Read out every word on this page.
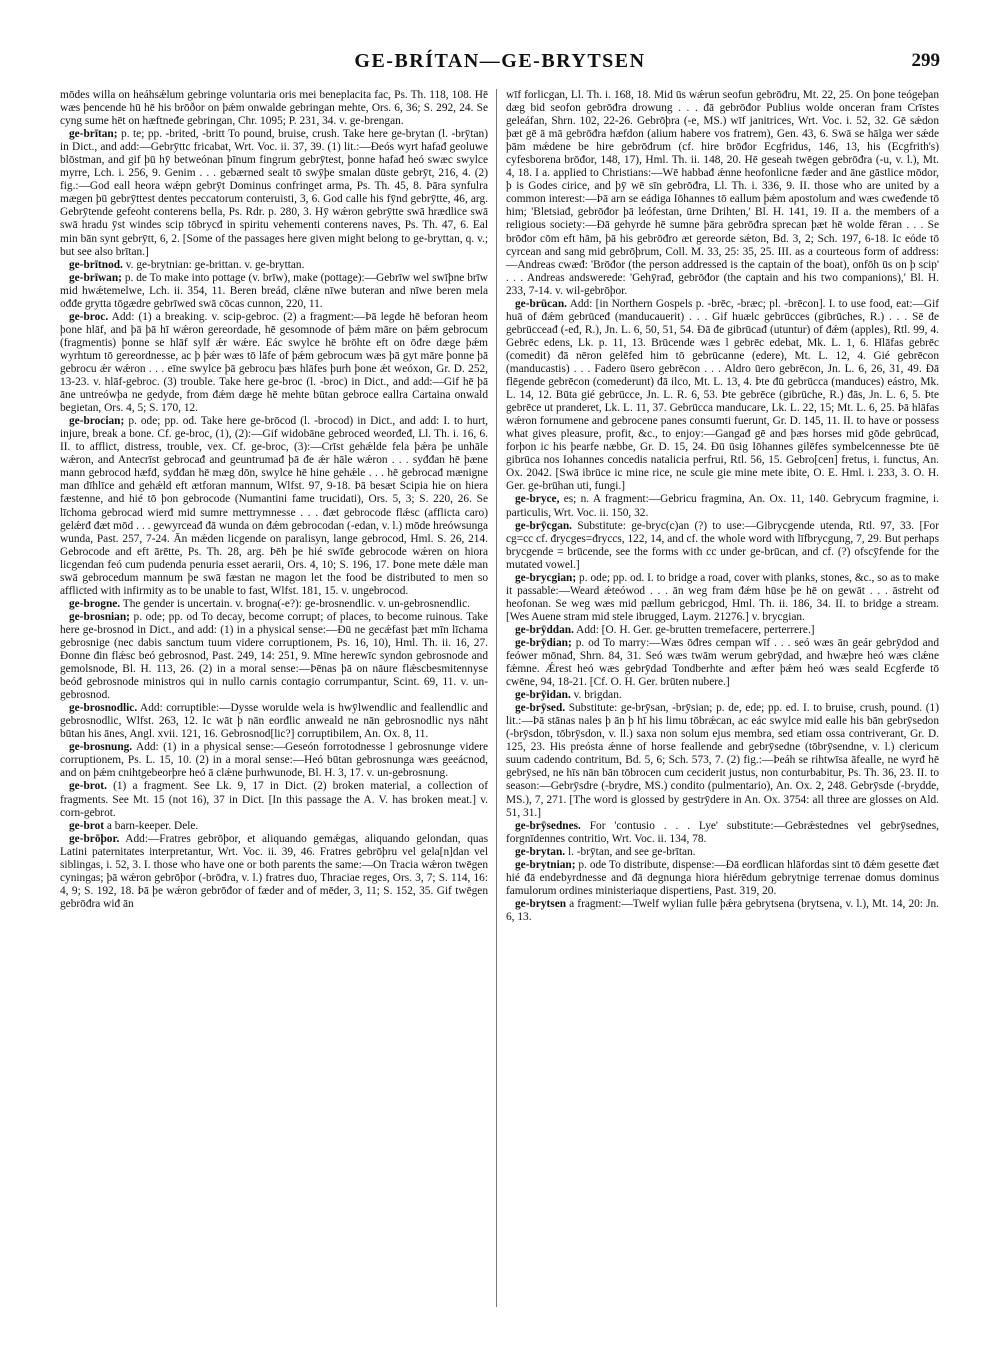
GE-BRÍTAN—GE-BRYTSEN	299

mōdes willa on heáhsǽlum gebringe voluntaria oris mei beneplacita fac, Ps. Th. 118, 108. Hē wæs þencende hū hē his brōðor on þǽm onwalde gebringan mehte, Ors. 6, 36; S. 292, 24. Se cyng sume hēt on hæftneđe gebringan, Chr. 1095; P. 231, 34. v. ge-brengan.

ge-brītan; p. te; pp. -brited, -britt To pound, bruise, crush. Take here ge-brytan (l. -brȳtan) in Dict., and add:—Gebrȳttc fricabat, Wrt. Voc. ii. 37, 39. (1) lit.:—Đeós wyrt hafađ geoluwe blōstman, and gif þū hȳ betweónan þīnum fingrum gebrȳtest, þonne hafađ heó swæc swylce myrre, Lch. i. 256, 9. Genim . . . gebærned sealt tō swȳþe smalan dūste gebrȳt, 216, 4. (2) fig.:—God eall heora wǽpn gebrȳt Dominus confringet arma, Ps. Th. 45, 8. Þāra synfulra mægen þū gebrȳttest dentes peccatorum conteruisti, 3, 6. God calle his fȳnd gebrȳtte, 46, arg. Gebrȳtende gefeoht conterens bella, Ps. Rdr. p. 280, 3. Hȳ wǽron gebrȳtte swā hrædlice swā swā hradu ȳst windes scip tōbrycđ in spiritu vehementi conterens naves, Ps. Th. 47, 6. Eal min bān synt gebrȳtt, 6, 2. [Some of the passages here given might belong to ge-bryttan, q. v.; but see also brītan.]

ge-brītnod. v. ge-brytnian: ge-brittan. v. ge-bryttan.

ge-brīwan; p. de To make into pottage (v. brīw), make (pottage):—Gebrīw wel swīþne brīw mid hwǽtemelwe, Lch. ii. 354, 11. Beren breád, clǽne nīwe buteran and nīwe beren mela ođđe grytta tōgædre gebrīwed swā cōcas cunnon, 220, 11.

ge-broc. Add: (1) a breaking. v. scip-gebroc. (2) a fragment:—Þā legde hē beforan heom þone hlāf, and þā þā hī wǽron gereordade, hē gesomnode of þǽm māre on þǽm gebrocum (fragmentis) þonne se hlāf sylf ǽr wǽre. Eác swylce hē brōhte eft on ōđre dæge þǽm wyrhtum tō gereordnesse, ac þ þǽr wæs tō lāfe of þǽm gebrocum wæs þā gyt māre þonne þā gebrocu ǽr wǽron . . . eīne swylce þā gebrocu þæs hlāfes þurh þone ǽt weóxon, Gr. D. 252, 13-23. v. hlāf-gebroc. (3) trouble. Take here ge-broc (l. -broc) in Dict., and add:—Gif hē þā āne untreówþa ne gedyde, from đǽm dæge hē mehte būtan gebroce eallra Cartaina onwald begietan, Ors. 4, 5; S. 170, 12.

ge-brocian; p. ode; pp. od. Take here ge-brōcod (l. -brocod) in Dict., and add: I. to hurt, injure, break a bone. Cf. ge-broc, (1), (2):—Gif widobāne gebroced weorđeđ, Ll. Th. i. 16, 6. II. to afflict, distress, trouble, vex. Cf. ge-broc, (3):—Crīst gehǽlde fela þǽra þe unhāle wǽron, and Antecrīst gebrocađ and geuntrumađ þā đe ǽr hāle wǽron . . . syđđan hē þæne mann gebrocod hæfđ, syđđan hē mæg dōn, swylce hē hine gehǽle . . . hē gebrocađ mænigne man dīhlīce and gehǽld eft ætforan mannum, Wlfst. 97, 9-18. Þā besæt Scipia hie on hiera fæstenne, and hié tō þon gebrocode (Numantini fame trucidati), Ors. 5, 3; S. 220, 26. Se līchoma gebrocad wierđ mid sumre mettrymnesse . . . đæt gebrocode flǽsc (afflicta caro) gelǽrđ đæt mōd . . . gewyrceađ đā wunda on đǽm gebrocodan (-edan, v. l.) mōde hreówsunga wunda, Past. 257, 7-24. Ān mǽden licgende on paralisyn, lange gebrocod, Hml. S. 26, 214. Gebrocode and eft ārētte, Ps. Th. 28, arg. Þēh þe hié swīđe gebrocode wǽren on hiora licgendan feó cum pudenda penuria esset aerarii, Ors. 4, 10; S. 196, 17. Þone mete dǽle man swā gebrocedum mannum þe swā fæstan ne magon let the food be distributed to men so afflicted with infirmity as to be unable to fast, Wlfst. 181, 15. v. ungebrocod.

ge-brogne. The gender is uncertain. v. brogna(-e?): ge-brosnendlic. v. un-gebrosnendlic.

ge-brosnian; p. ode; pp. od To decay, become corrupt; of places, to become ruinous. Take here ge-brosnod in Dict., and add: (1) in a physical sense:—Đū ne gecǽfast þæt mīn līchama gebrosnige (nec dabis sanctum tuum videre corruptionem, Ps. 16, 10), Hml. Th. ii. 16, 27. Đonne đin flǽsc beó gebrosnod, Past. 249, 14: 251, 9. Mīne herewīc syndon gebrosnode and gemolsnode, Bl. H. 113, 26. (2) in a moral sense:—Þēnas þā on nāure flǽscbesmitennyse beóđ gebrosnode ministros qui in nullo carnis contagio corrumpantur, Scint. 69, 11. v. un-gebrosnod.

ge-brosnodlic. Add: corruptible:—Dysse worulde wela is hwȳlwendlic and feallendlic and gebrosnodlic, Wlfst. 263, 12. Ic wāt þ nān eorđlic anweald ne nān gebrosnodlic nys nāht būtan his ānes, Angl. xvii. 121, 16. Gebrosnod[lic?] corruptibilem, An. Ox. 8, 11.

ge-brosnung. Add: (1) in a physical sense:—Geseón forrotodnesse l gebrosnunge videre corruptionem, Ps. L. 15, 10. (2) in a moral sense:—Heó būtan gebrosnunga wæs geeácnod, and on þǽm cnihtgebeorþre heó ā clǽne þurhwunode, Bl. H. 3, 17. v. un-gebrosnung.

ge-brot. (1) a fragment. See Lk. 9, 17 in Dict. (2) broken material, a collection of fragments. See Mt. 15 (not 16), 37 in Dict. [In this passage the A. V. has broken meat.] v. corn-gebrot.

ge-brot a barn-keeper. Dele.

ge-brōþor. Add:—Fratres gebrōþor, et aliquando gemǽgas, aliquando gelondan, quas Latini paternitates interpretantur, Wrt. Voc. ii. 39, 46. Fratres gebrōþru vel gela[n]dan vel siblingas, i. 52, 3. I. those who have one or both parents the same:—On Tracia wǽron twēgen cyningas; þā wǽron gebrōþor (-brōđra, v. l.) fratres duo, Thraciae reges, Ors. 3, 7; S. 114, 16: 4, 9; S. 192, 18. Þā þe wǽron gebrōđor of fæder and of mēder, 3, 11; S. 152, 35. Gif twēgen gebrōđra wiđ ān

wīf forlicgan, Ll. Th. i. 168, 18. Mid ūs wǽrun seofun gebrōđru, Mt. 22, 25. On þone teógeþan dæg bid seofon gebrōđra drowung . . . đā gebrōđor Publius wolde onceran fram Crīstes geleáfan, Shrn. 102, 22-26. Gebrōþra (-e, MS.) wīf janitrices, Wrt. Voc. i. 52, 32. Gē sǽdon þæt gē ā mā gebrōđra hæfdon (alium habere vos fratrem), Gen. 43, 6. Swā se hālga wer sǽde þām mǽdene be hire gebrōđrum (cf. hire brōđor Ecgfridus, 146, 13, his (Ecgfrith's) cyfesborena brōđor, 148, 17), Hml. Th. ii. 148, 20. Hē geseah twēgen gebrōđra (-u, v. l.), Mt. 4, 18. I a. applied to Christians:—Wē habbađ ǽnne heofonlicne fæder and āne gāstlice mōdor, þ is Godes cirice, and þȳ wē sīn gebrōđra, Ll. Th. i. 336, 9. II. those who are united by a common interest:—Þā arn se eádiga Iōhannes tō eallum þǽm apostolum and wæs cweđende tō him; 'Bletsiađ, gebrōđor þā leófestan, ūrne Drihten,' Bl. H. 141, 19. II a. the members of a religious society:—Đā gehyrde hē sumne þāra gebrōđra sprecan þæt hē wolde fēran . . . Se brōđor cōm eft hām, þā his gebrōđro æt gereorde sǽton, Bd. 3, 2; Sch. 197, 6-18. Ic eóde tō cyrcean and sang mid gebrōþrum, Coll. M. 33, 25: 35, 25. III. as a courteous form of address:—Andreas cwæđ: 'Brōđor (the person addressed is the captain of the boat), onfōh ūs on þ scip' . . . Andreas andswerede: 'Gehȳrađ, gebrōđor (the captain and his two companions),' Bl. H. 233, 7-14. v. wil-gebrōþor.

ge-brūcan. Add: [in Northern Gospels p. -brēc, -bræc; pl. -brēcon]. I. to use food, eat:—Gif huā of đǽm gebrūceđ (manducauerit) . . . Gif huælc gebrūcces (gibrūches, R.) . . . Sē đe gebrūcceađ (-eđ, R.), Jn. L. 6, 50, 51, 54. Đā đe gibrūcađ (utuntur) of đǽm (apples), Rtl. 99, 4. Gebrēc edens, Lk. p. 11, 13. Brūcende wæs l gebrēc edebat, Mk. L. 1, 6. Hlāfas gebrēc (comedit) đā nēron gelēfed him tō gebrūcanne (edere), Mt. L. 12, 4. Gié gebrēcon (manducastis) . . . Fadero ūsero gebrēcon . . . Aldro ūero gebrēcon, Jn. L. 6, 26, 31, 49. Đā flēgende gebrēcon (comederunt) đā ilco, Mt. L. 13, 4. Þte đū gebrūcca (manduces) eástro, Mk. L. 14, 12. Būta gié gebrūcce, Jn. L. R. 6, 53. Þte gebrēce (gibrūche, R.) đās, Jn. L. 6, 5. Þte gebrēce ut pranderet, Lk. L. 11, 37. Gebrūcca manducare, Lk. L. 22, 15; Mt. L. 6, 25. Þā hlāfas wǽron fornumene and gebrocene panes consumti fuerunt, Gr. D. 145, 11. II. to have or possess what gives pleasure, profit, &c., to enjoy:—Gangađ gē and þæs horses mid gōde gebrūcađ, forþon ic his þearfe næbbe, Gr. D. 15, 24. Đū ūsig Iōhannes gilēfes symbelcennesse Þte ūē gibrūca nos Iohannes concedis natalicia perfrui, Rtl. 56, 15. Gebro[cen] fretus, i. functus, An. Ox. 2042. [Swā ibrūce ic mine rice, ne scule gie mine mete ibite, O. E. Hml. i. 233, 3. O. H. Ger. ge-brūhan uti, fungi.]

ge-bryce, es; n. A fragment:—Gebricu fragmina, An. Ox. 11, 140. Gebrycum fragmine, i. particulis, Wrt. Voc. ii. 150, 32.

ge-brȳcgan. Substitute: ge-bryc(c)an (?) to use:—Gibrycgende utenda, Rtl. 97, 33. [For cg=cc cf. đrycges=đryccs, 122, 14, and cf. the whole word with līfbrycgung, 7, 29. But perhaps brycgende = brūcende, see the forms with cc under ge-brūcan, and cf. (?) ofscȳfende for the mutated vowel.]

ge-brycgian; p. ode; pp. od. I. to bridge a road, cover with planks, stones, &c., so as to make it passable:—Weard ǽteówod . . . ān weg fram đǽm hūse þe hē on gewāt . . . āstreht ođ heofonan. Se weg wæs mid pællum gebricgod, Hml. Th. ii. 186, 34. II. to bridge a stream. [Wes Auene stram mid stele ibrugged, Laym. 21276.] v. brycgian.

ge-brȳddan. Add: [O. H. Ger. ge-brutten tremefacere, perterrere.]

ge-brȳdian; p. od To marry:—Wæs ōđres cempan wīf . . . seó wæs ān geár gebrȳdod and feówer mōnađ, Shrn. 84, 31. Seó wæs twām werum gebrȳdad, and hwæþre heó wæs clǽne fǽmne. Ǽrest heó wæs gebrȳdad Tondberhte and æfter þǽm heó wæs seald Ecgferđe tō cwēne, 94, 18-21. [Cf. O. H. Ger. brūten nubere.]

ge-brȳidan. v. brigdan.

ge-brȳsed. Substitute: ge-brȳsan, -brȳsian; p. de, ede; pp. ed. I. to bruise, crush, pound. (1) lit.:—Þā stānas nales þ ān þ hī his limu tōbrǽcan, ac eác swylce mid ealle his bān gebrȳsedon (-brȳsdon, tōbrȳsdon, v. ll.) saxa non solum ejus membra, sed etiam ossa contriverant, Gr. D. 125, 23. His preósta ǽnne of horse feallende and gebrȳsedne (tōbrȳsendne, v. l.) clericum suum cadendo contritum, Bd. 5, 6; Sch. 573, 7. (2) fig.:—Þeáh se rihtwīsa āfealle, ne wyrđ hē gebrȳsed, ne hīs nān bān tōbrocen cum ceciderit justus, non conturbabitur, Ps. Th. 36, 23. II. to season:—Gebrȳsdre (-brydre, MS.) condito (pulmentario), An. Ox. 2, 248. Gebrȳsde (-brydde, MS.), 7, 271. [The word is glossed by gestrȳdere in An. Ox. 3754: all three are glosses on Ald. 51, 31.]

ge-brȳsednes. For 'contusio . . . Lye' substitute:—Gebrǽstednes vel gebrȳsednes, forgnīdennes contritio, Wrt. Voc. ii. 134, 78.

ge-brytan. l. -brȳtan, and see ge-brītan.

ge-brytnian; p. ode To distribute, dispense:—Đā eorđlican hlāfordas sint tō đǽm gesette đæt hié đā endebyrdnesse and đā degnunga hiora hiérēdum gebrytnige terrenae domus dominus famulorum ordines ministeriaque dispertiens, Past. 319, 20.

ge-brytsen a fragment:—Twelf wylian fulle þǽra gebrytsena (brytsena, v. l.), Mt. 14, 20: Jn. 6, 13.
